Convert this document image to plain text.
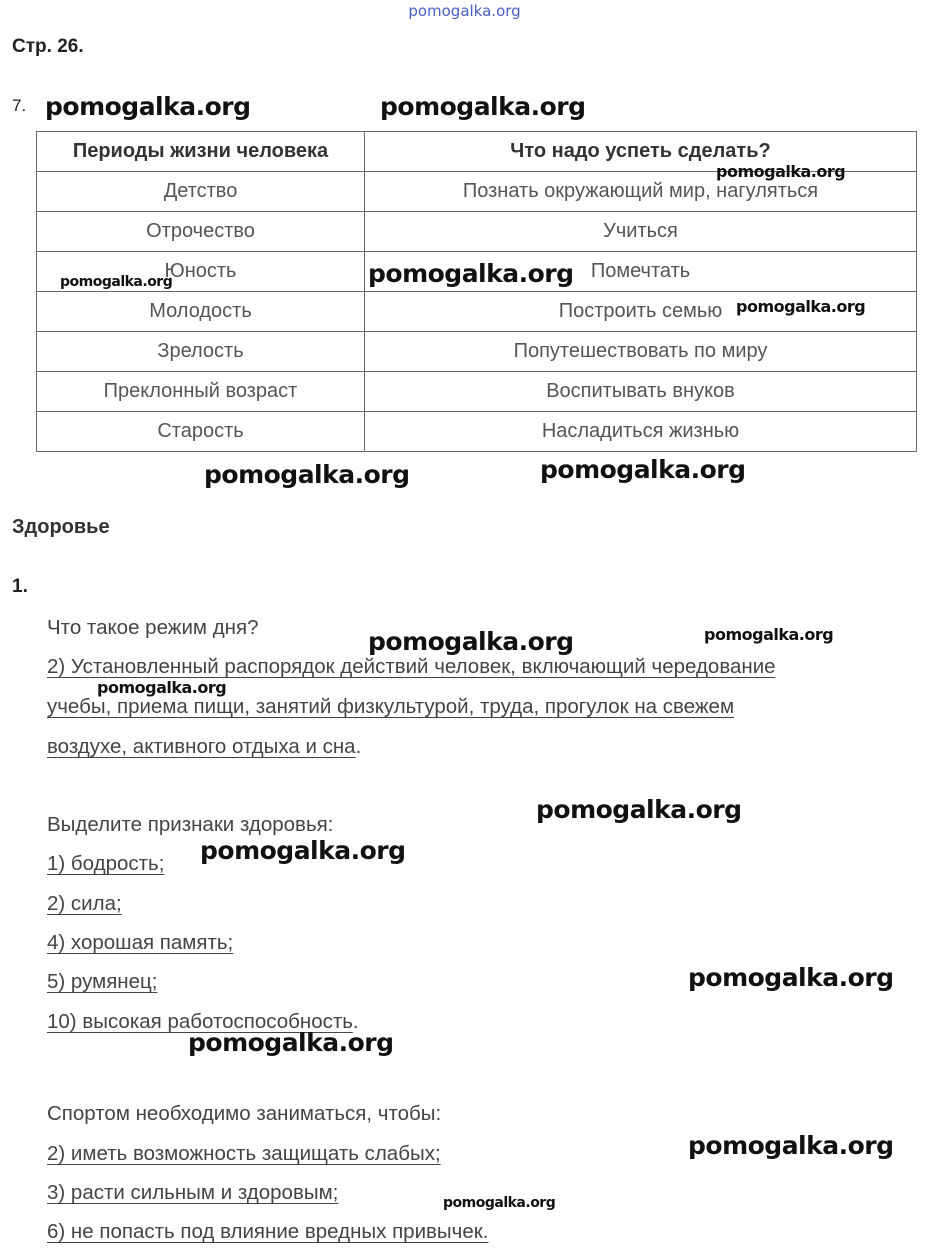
pomogalka.org
Стр. 26.
7.
Периоды жизни человека	Что надо успеть сделать?
Детство	Познать окружающий мир, нагуляться
Отрочество	Учиться
Юность	Помечтать
Молодость	Построить семью
Зрелость	Попутешествовать по миру
Преклонный возраст	Воспитывать внуков
Старость	Насладиться жизнью
Здоровье
1.
Что такое режим дня?
2) Установленный распорядок действий человек, включающий чередование
учебы, приема пищи, занятий физкультурой, труда, прогулок на свежем
воздухе, активного отдыха и сна.
Выделите признаки здоровья:
1) бодрость;
2) сила;
4) хорошая память;
5) румянец;
10) высокая работоспособность.
Спортом необходимо заниматься, чтобы:
2) иметь возможность защищать слабых;
3) расти сильным и здоровым;
6) не попасть под влияние вредных привычек.
pomogalka.org	pomogalka.org
pomogalka.org
pomogalka.org	pomogalka.org
pomogalka.org
pomogalka.org	pomogalka.org
pomogalka.org	pomogalka.org
pomogalka.org
pomogalka.org
pomogalka.org
pomogalka.org
pomogalka.org
pomogalka.org
pomogalka.org
